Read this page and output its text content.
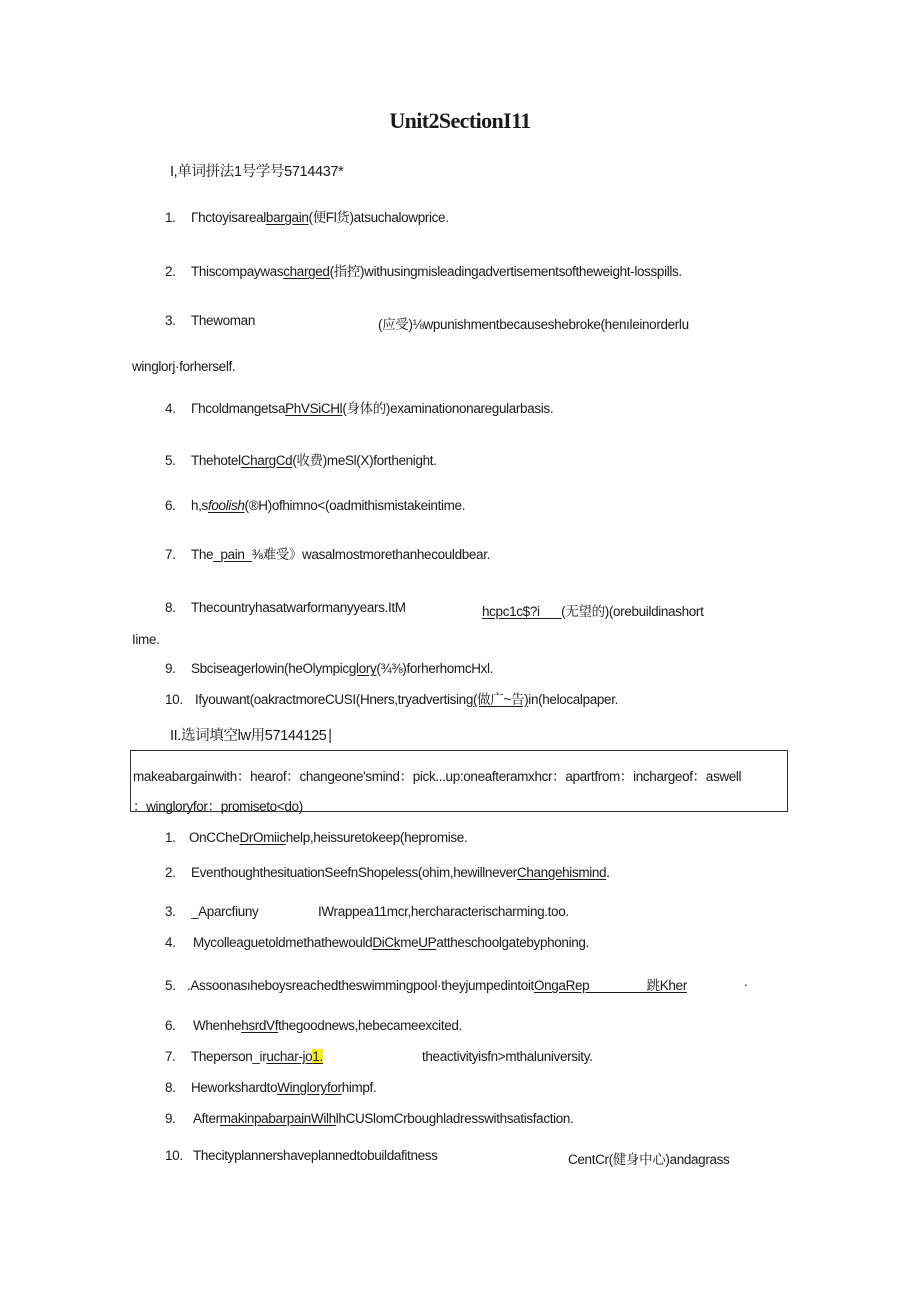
Unit2SectionI11
I,单词拼法1号学号5714437*
1. Γhctoyisarealbargain(便Fl货)atsuchalowprice.
2. Thiscompaywascharged(指控)withusingmisleadingadvertisementsoftheweight-losspills.
3. Thewoman	(应受)⅛wpunishmentbecauseshebroke(henıleinorderlu
winglorj·forherself.
4. ΓhcoldmangetsaPhVSiCHl(身体的)examinationonaregularbasis.
5. ThehotelChargCd(收费)meSl(X)forthenight.
6. h,sfoolish(®H)ofhimno<(oadmithismistakeintime.
7. The_pain_⅜难受》wasalmostmorethanhecouldbear.
8. Thecountryhasatwarformanyyears.ItM	hcpc1c$?i___(无望的)(orebuildinashort
Iime.
9. Sbciseagerlowin(heOlympicglory(¾⅜)forherhomcHxl.
10. Ifyouwant(oakractmoreCUSI(Hners,tryadvertising(做广~告)in(helocalpaper.
II.选词填空lw用57144125∣
makeabargainwith：hearof：changeone'smind：pick...up:oneafteramxhcr：apartfrom：inchargeof：aswell
：wingloryfor：promiseto<do)
1. OnCCheDrOmiichelp,heissuretokeep(hepromise.
2. EventhoughthesituationSeefnShopeless(ohim,hewillneverChangehismind.
3. _Aparcfiuny	IWrappea11mcr,hercharacterischarming.too.
4. MycolleaguetoldmethathewouldDiCkmeUPattheschoolgatebyphoning.
5. .Assoonasıheboysreachedtheswimmingpool·theyjumpedintoitOngaRep________跳Kher	.
6. WhenhehsrdVfthegoodnews,hebecameexcited.
7. Theperson_iruchar-jo1.	theactivityisfn>mthaluniversity.
8. HeworkshardtoWingloryforhimpf.
9. AftermakinpabarpainWilhlhCUSlomCrboughladresswithsatisfaction.
10. Thecityplannershaveplannedtobuildafitness	CentCr(健身中心)andagrass
